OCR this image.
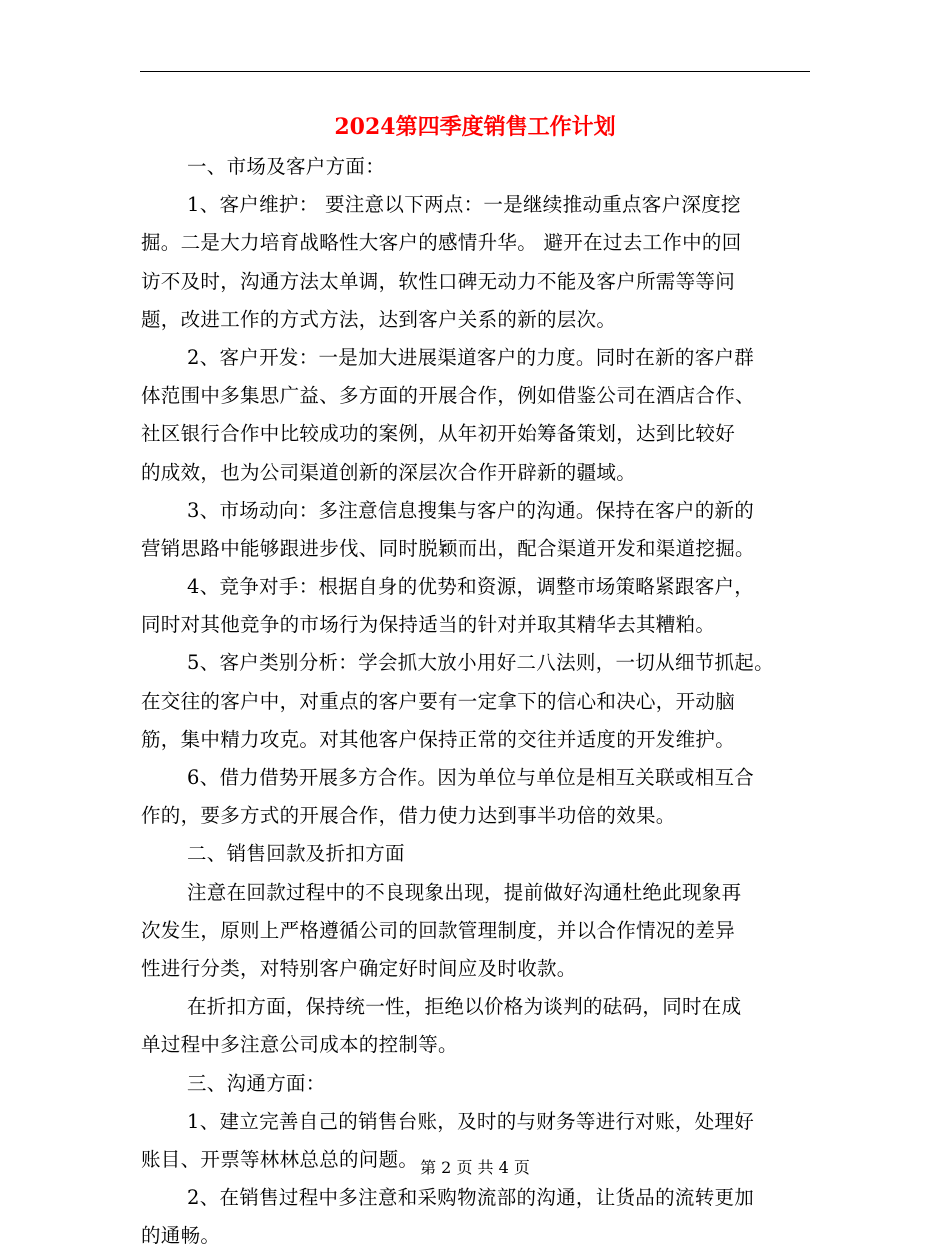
2024第四季度销售工作计划
一、市场及客户方面：
1、客户维护： 要注意以下两点：一是继续推动重点客户深度挖
掘。二是大力培育战略性大客户的感情升华。 避开在过去工作中的回
访不及时，沟通方法太单调，软性口碑无动力不能及客户所需等等问
题，改进工作的方式方法，达到客户关系的新的层次。
2、客户开发：一是加大进展渠道客户的力度。同时在新的客户群
体范围中多集思广益、多方面的开展合作，例如借鉴公司在酒店合作、
社区银行合作中比较成功的案例，从年初开始筹备策划，达到比较好
的成效，也为公司渠道创新的深层次合作开辟新的疆域。
3、市场动向：多注意信息搜集与客户的沟通。保持在客户的新的
营销思路中能够跟进步伐、同时脱颖而出，配合渠道开发和渠道挖掘。
4、竞争对手：根据自身的优势和资源，调整市场策略紧跟客户，
同时对其他竞争的市场行为保持适当的针对并取其精华去其糟粕。
5、客户类别分析：学会抓大放小用好二八法则，一切从细节抓起。
在交往的客户中，对重点的客户要有一定拿下的信心和决心，开动脑
筋，集中精力攻克。对其他客户保持正常的交往并适度的开发维护。
6、借力借势开展多方合作。因为单位与单位是相互关联或相互合
作的，要多方式的开展合作，借力使力达到事半功倍的效果。
二、销售回款及折扣方面
注意在回款过程中的不良现象出现，提前做好沟通杜绝此现象再
次发生，原则上严格遵循公司的回款管理制度，并以合作情况的差异
性进行分类，对特别客户确定好时间应及时收款。
在折扣方面，保持统一性，拒绝以价格为谈判的砝码，同时在成
单过程中多注意公司成本的控制等。
三、沟通方面：
1、建立完善自己的销售台账，及时的与财务等进行对账，处理好
账目、开票等林林总总的问题。
2、在销售过程中多注意和采购物流部的沟通，让货品的流转更加
的通畅。
第 2 页 共 4 页
